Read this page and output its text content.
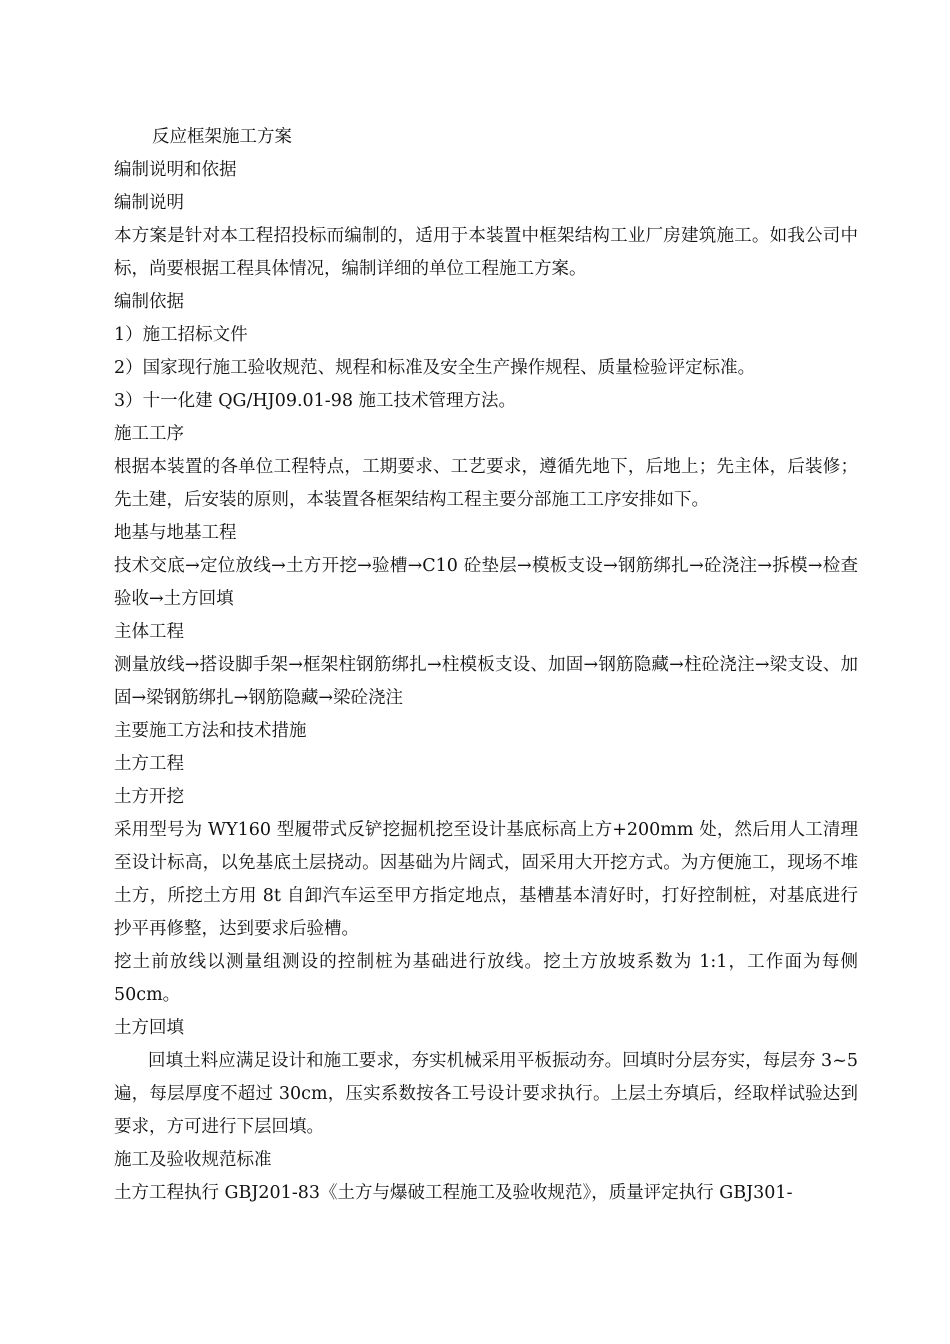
反应框架施工方案

编制说明和依据

编制说明

本方案是针对本工程招投标而编制的，适用于本装置中框架结构工业厂房建筑施工。如我公司中标，尚要根据工程具体情况，编制详细的单位工程施工方案。

编制依据

1）施工招标文件

2）国家现行施工验收规范、规程和标准及安全生产操作规程、质量检验评定标准。

3）十一化建 QG/HJ09.01-98 施工技术管理方法。

施工工序

根据本装置的各单位工程特点，工期要求、工艺要求，遵循先地下，后地上；先主体，后装修；先土建，后安装的原则，本装置各框架结构工程主要分部施工工序安排如下。

地基与地基工程

技术交底→定位放线→土方开挖→验槽→C10 砼垫层→模板支设→钢筋绑扎→砼浇注→拆模→检查验收→土方回填

主体工程

测量放线→搭设脚手架→框架柱钢筋绑扎→柱模板支设、加固→钢筋隐藏→柱砼浇注→梁支设、加固→梁钢筋绑扎→钢筋隐藏→梁砼浇注

主要施工方法和技术措施

土方工程

土方开挖

采用型号为 WY160 型履带式反铲挖掘机挖至设计基底标高上方+200mm 处，然后用人工清理至设计标高，以免基底土层挠动。因基础为片阔式，固采用大开挖方式。为方便施工，现场不堆土方，所挖土方用 8t 自卸汽车运至甲方指定地点，基槽基本清好时，打好控制桩，对基底进行抄平再修整，达到要求后验槽。

挖土前放线以测量组测设的控制桩为基础进行放线。挖土方放坡系数为 1:1，工作面为每侧 50cm。

土方回填

回填土料应满足设计和施工要求，夯实机械采用平板振动夯。回填时分层夯实，每层夯 3~5 遍，每层厚度不超过 30cm，压实系数按各工号设计要求执行。上层土夯填后，经取样试验达到要求，方可进行下层回填。

施工及验收规范标准

土方工程执行 GBJ201-83《土方与爆破工程施工及验收规范》，质量评定执行 GBJ301-
